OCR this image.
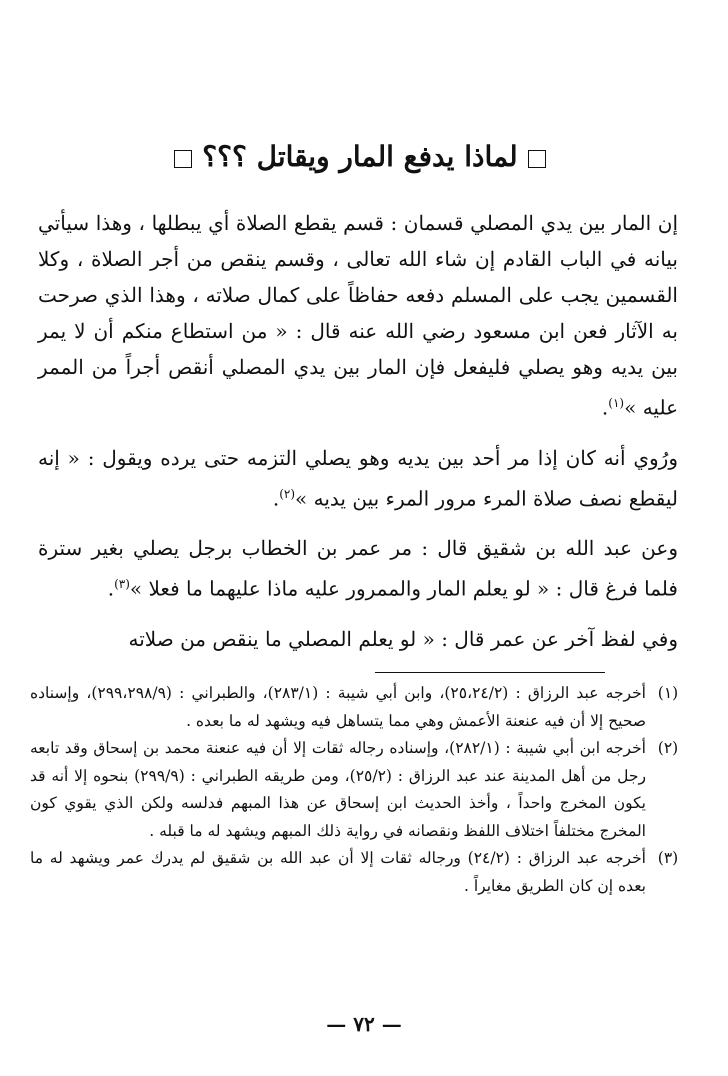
لماذا يدفع المار ويقاتل ؟؟؟

إن المار بين يدي المصلي قسمان : قسم يقطع الصلاة أي يبطلها ، وهذا سيأتي بيانه في الباب القادم إن شاء الله تعالى ، وقسم ينقص من أجر الصلاة ، وكلا القسمين يجب على المسلم دفعه حفاظاً على كمال صلاته ، وهذا الذي صرحت به الآثار فعن ابن مسعود رضي الله عنه قال : « من استطاع منكم أن لا يمر بين يديه وهو يصلي فليفعل فإن المار بين يدي المصلي أنقص أجراً من الممر عليه »$^{(١)}$.

ورُوي أنه كان إذا مر أحد بين يديه وهو يصلي التزمه حتى يرده ويقول : « إنه ليقطع نصف صلاة المرء مرور المرء بين يديه »$^{(٢)}$.

وعن عبد الله بن شقيق قال : مر عمر بن الخطاب برجل يصلي بغير سترة فلما فرغ قال : « لو يعلم المار والممرور عليه ماذا عليهما ما فعلا »$^{(٣)}$.

وفي لفظ آخر عن عمر قال : « لو يعلم المصلي ما ينقص من صلاته

(١)
أخرجه عبد الرزاق : (٢٥،٢٤/٢)، وابن أبي شيبة : (٢٨٣/١)، والطبراني : (٢٩٩،٢٩٨/٩)، وإسناده صحيح إلا أن فيه عنعنة الأعمش وهي مما يتساهل فيه ويشهد له ما بعده .
(٢)
أخرجه ابن أبي شيبة : (٢٨٢/١)، وإسناده رجاله ثقات إلا أن فيه عنعنة محمد بن إسحاق وقد تابعه رجل من أهل المدينة عند عبد الرزاق : (٢٥/٢)، ومن طريقه الطبراني : (٢٩٩/٩) بنحوه إلا أنه قد يكون المخرج واحداً ، وأخذ الحديث ابن إسحاق عن هذا المبهم فدلسه ولكن الذي يقوي كون المخرج مختلفاً اختلاف اللفظ ونقصانه في رواية ذلك المبهم ويشهد له ما قبله .
(٣)
أخرجه عبد الرزاق : (٢٤/٢) ورجاله ثقات إلا أن عبد الله بن شقيق لم يدرك عمر ويشهد له ما بعده إن كان الطريق مغايراً .
— ٧٢ —
